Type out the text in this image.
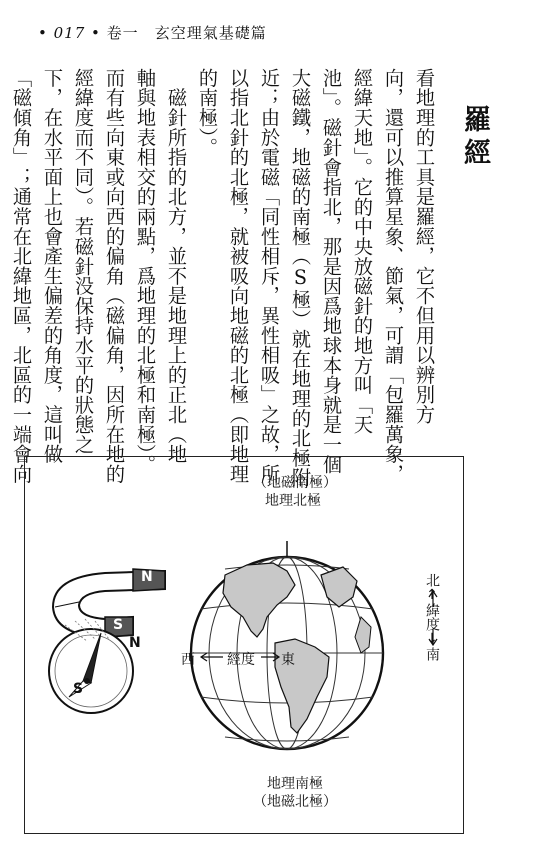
• 017 • 卷一　 玄空理氣基礎篇
羅經
看地理的工具是羅經，它不但用以辨別方
向，還可以推算星象、節氣，可謂「包羅萬象，
經緯天地」。它的中央放磁針的地方叫「天
池」。磁針會指北，那是因爲地球本身就是一個
大磁鐵，地磁的南極（S極）就在地理的北極附
近；由於電磁「同性相斥，異性相吸」之故，所
以指北針的北極，就被吸向地磁的北極（即地理
的南極）。
　磁針所指的北方，並不是地理上的正北（地
軸與地表相交的兩點，爲地理的北極和南極）。
而有些向東或向西的偏角（磁偏角，因所在地的
經緯度而不同）。若磁針没保持水平的狀態之
下，在水平面上也會產生偏差的角度，這叫做
「磁傾角」；通常在北緯地區，北區的一端會向	（地磁南極）
地理北極
地理南極
（地磁北極）
北↑緯度↓南
西 經度 東
N
S
N
S
